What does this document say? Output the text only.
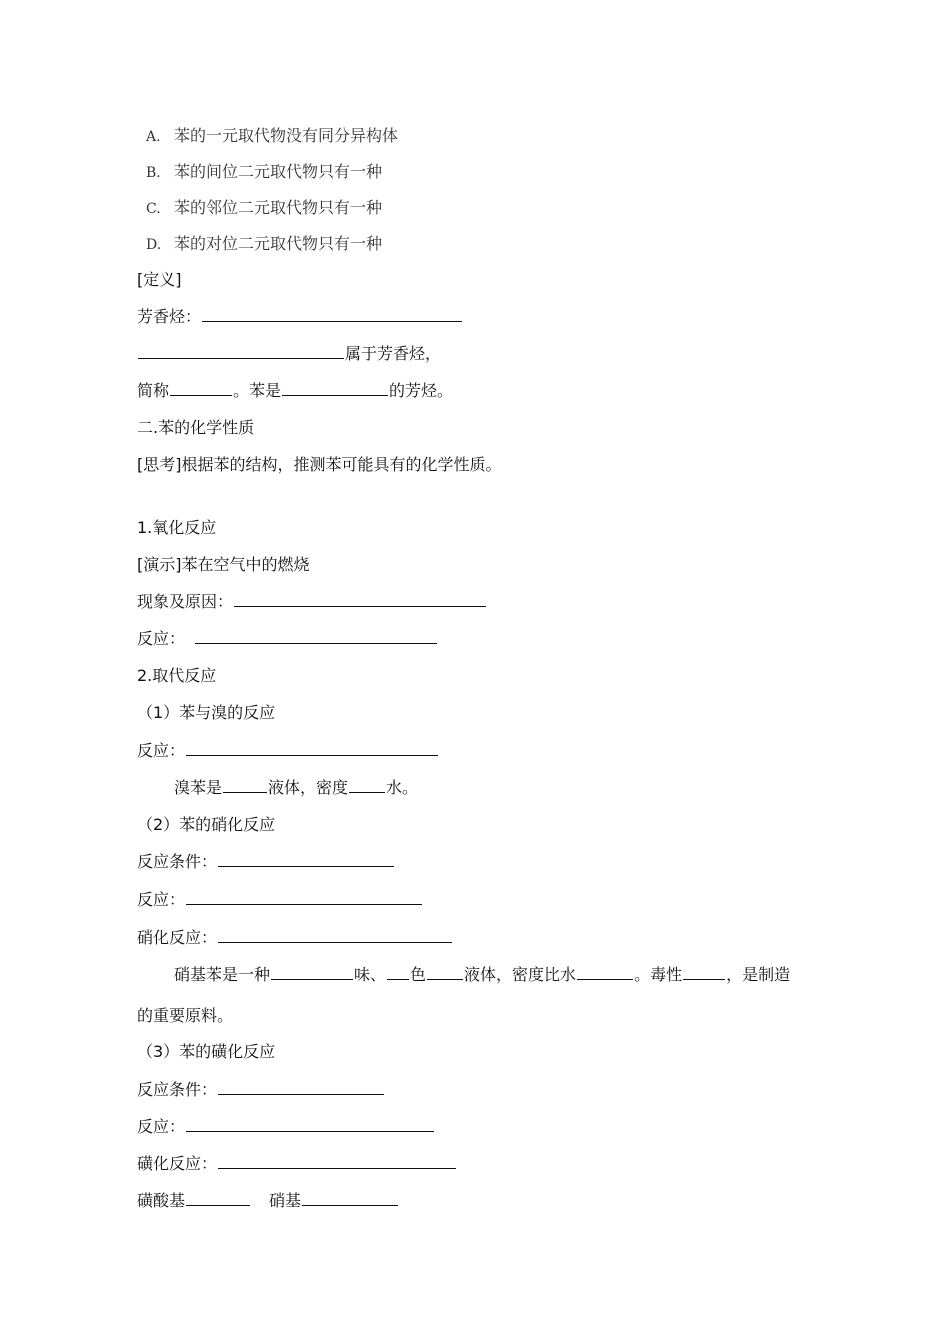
A. 苯的一元取代物没有同分异构体
B. 苯的间位二元取代物只有一种
C. 苯的邻位二元取代物只有一种
D. 苯的对位二元取代物只有一种
[定义]
芳香烃：
属于芳香烃，
简称	。苯是	的芳烃。
二.苯的化学性质
[思考]根据苯的结构，推测苯可能具有的化学性质。
1.氧化反应
[演示]苯在空气中的燃烧
现象及原因：
反应：
2.取代反应
（1）苯与溴的反应
反应：
溴苯是	液体，密度 水。
（2）苯的硝化反应
反应条件：
反应：
硝化反应：
硝基苯是一种	味、 色 液体，密度比水	。毒性	，是制造
的重要原料。
（3）苯的磺化反应
反应条件：
反应：
磺化反应：
磺酸基	硝基
